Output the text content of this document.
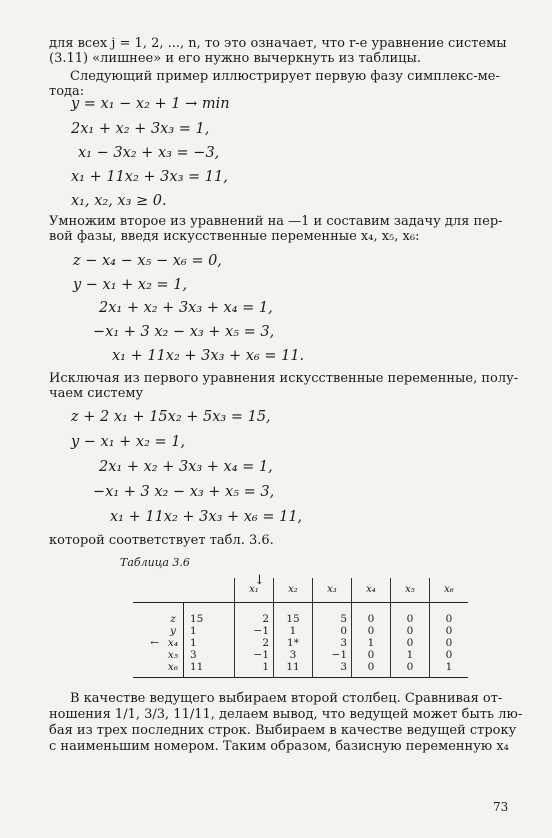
для всех j = 1, 2, ..., n, то это означает, что r-е уравнение системы
(3.11) «лишнее» и его нужно вычеркнуть из таблицы.
Следующий пример иллюстрирует первую фазу симплекс-ме-
тода:
y = x₁ − x₂ + 1 → min
2x₁ + x₂ + 3x₃ = 1,
x₁ − 3x₂ + x₃ = −3,
x₁ + 11x₂ + 3x₃ = 11,
x₁, x₂, x₃ ≥ 0.
Умножим второе из уравнений на —1 и составим задачу для пер-
вой фазы, введя искусственные переменные x₄, x₅, x₆:
z − x₄ − x₅ − x₆ = 0,
y − x₁ + x₂ = 1,
2x₁ + x₂ + 3x₃ + x₄ = 1,
−x₁ + 3 x₂ − x₃ + x₅ = 3,
x₁ + 11x₂ + 3x₃ + x₆ = 11.
Исключая из первого уравнения искусственные переменные, полу-
чаем систему
z + 2 x₁ + 15x₂ + 5x₃ = 15,
y − x₁ + x₂ = 1,
2x₁ + x₂ + 3x₃ + x₄ = 1,
−x₁ + 3 x₂ − x₃ + x₅ = 3,
x₁ + 11x₂ + 3x₃ + x₆ = 11,
которой соответствует табл. 3.6.
Таблица 3.6
↓
			x₁	x₂	x₃	x₄	x₅	x₆
	z	15	2	15	5	0	0	0
	y	1	−1	1	0	0	0	0
←	x₄	1	2	1*	3	1	0	0
	x₅	3	−1	3	−1	0	1	0
	x₆	11	1	11	3	0	0	1
В качестве ведущего выбираем второй столбец. Сравнивая от-
ношения 1/1, 3/3, 11/11, делаем вывод, что ведущей может быть лю-
бая из трех последних строк. Выбираем в качестве ведущей строку
с наименьшим номером. Таким образом, базисную переменную x₄
73
